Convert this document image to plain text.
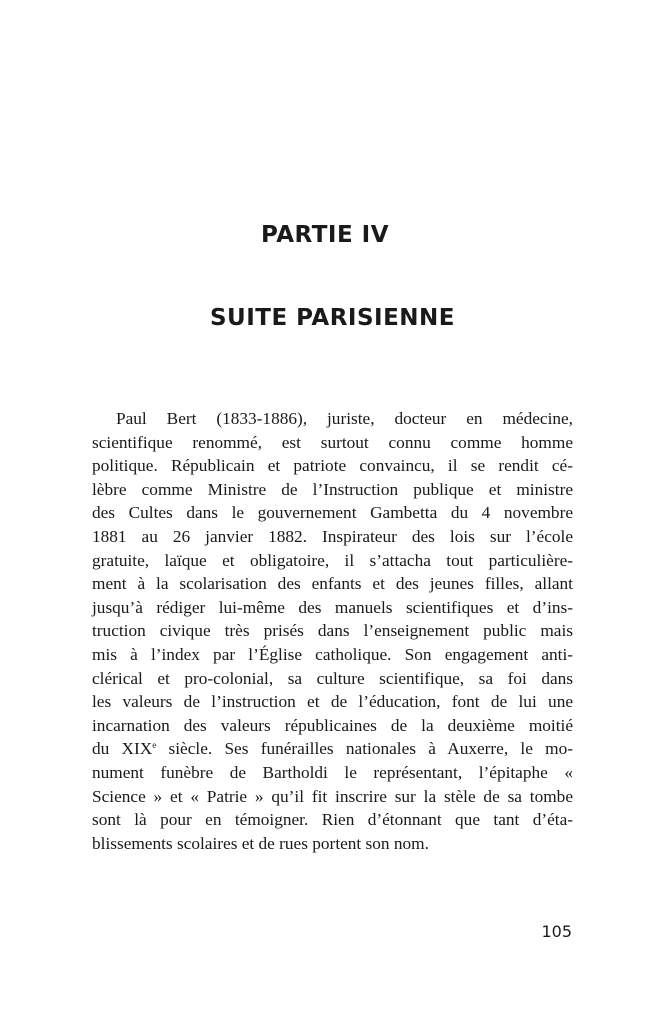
PARTIE IV
SUITE PARISIENNE
Paul Bert (1833-1886), juriste, docteur en médecine,
scientifique renommé, est surtout connu comme homme
politique. Républicain et patriote convaincu, il se rendit cé-
lèbre comme Ministre de l’Instruction publique et ministre
des Cultes dans le gouvernement Gambetta du 4 novembre
1881 au 26 janvier 1882. Inspirateur des lois sur l’école
gratuite, laïque et obligatoire, il s’attacha tout particulière-
ment à la scolarisation des enfants et des jeunes filles, allant
jusqu’à rédiger lui-même des manuels scientifiques et d’ins-
truction civique très prisés dans l’enseignement public mais
mis à l’index par l’Église catholique. Son engagement anti-
clérical et pro-colonial, sa culture scientifique, sa foi dans
les valeurs de l’instruction et de l’éducation, font de lui une
incarnation des valeurs républicaines de la deuxième moitié
du XIXe siècle. Ses funérailles nationales à Auxerre, le mo-
nument funèbre de Bartholdi le représentant, l’épitaphe «
Science » et « Patrie » qu’il fit inscrire sur la stèle de sa tombe
sont là pour en témoigner. Rien d’étonnant que tant d’éta-
blissements scolaires et de rues portent son nom.
105
